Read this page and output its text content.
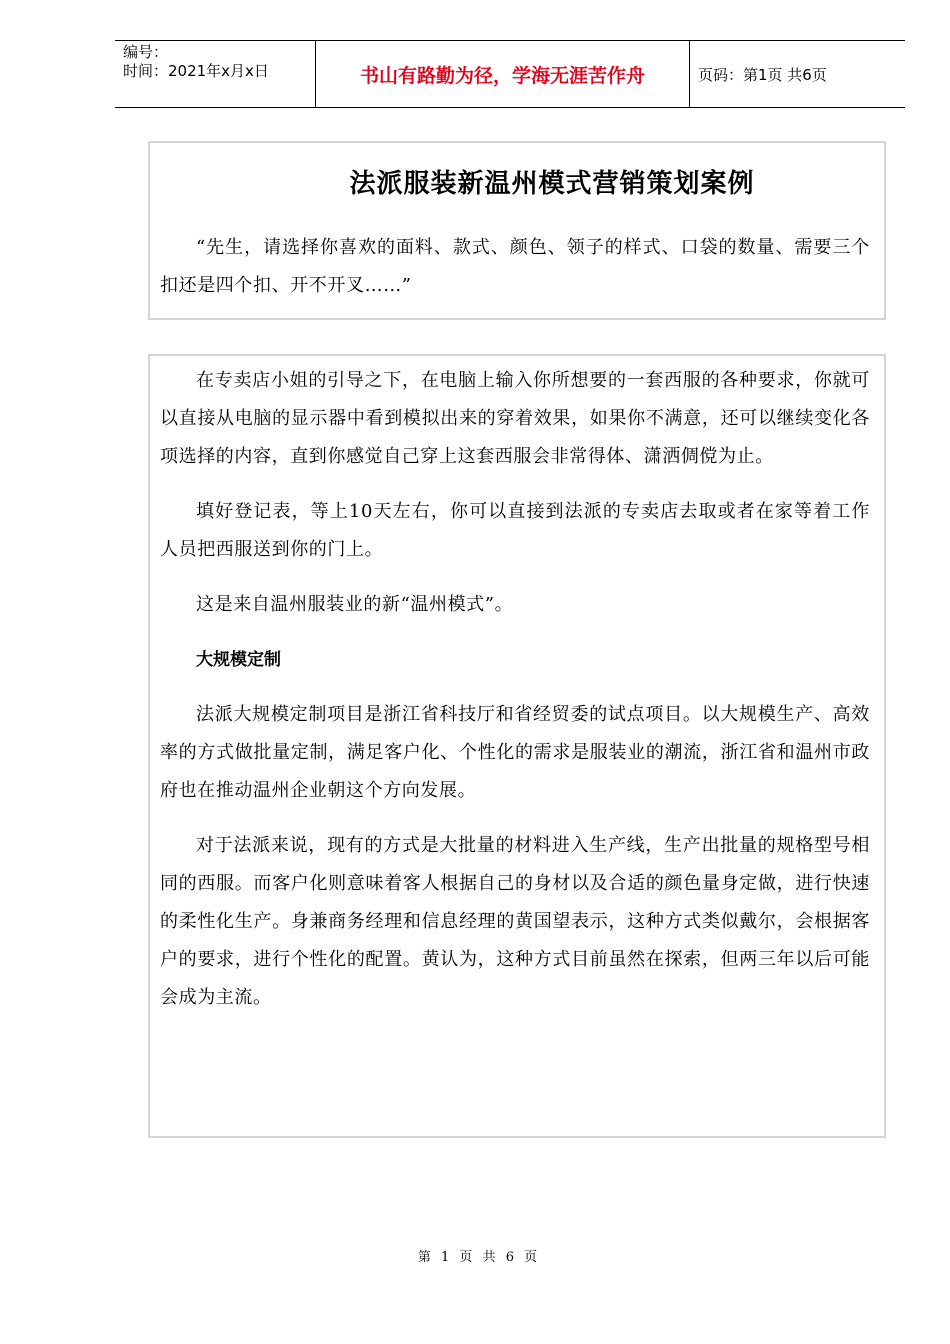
编号：
时间：2021年x月x日	书山有路勤为径，学海无涯苦作舟	页码：第1页 共6页
法派服装新温州模式营销策划案例

“先生，请选择你喜欢的面料、款式、颜色、领子的样式、口袋的数量、需要三个扣还是四个扣、开不开叉……”

在专卖店小姐的引导之下，在电脑上输入你所想要的一套西服的各种要求，你就可以直接从电脑的显示器中看到模拟出来的穿着效果，如果你不满意，还可以继续变化各项选择的内容，直到你感觉自己穿上这套西服会非常得体、潇洒倜傥为止。

填好登记表，等上10天左右，你可以直接到法派的专卖店去取或者在家等着工作人员把西服送到你的门上。

这是来自温州服装业的新“温州模式”。

大规模定制

法派大规模定制项目是浙江省科技厅和省经贸委的试点项目。以大规模生产、高效率的方式做批量定制，满足客户化、个性化的需求是服装业的潮流，浙江省和温州市政府也在推动温州企业朝这个方向发展。

对于法派来说，现有的方式是大批量的材料进入生产线，生产出批量的规格型号相同的西服。而客户化则意味着客人根据自己的身材以及合适的颜色量身定做，进行快速的柔性化生产。身兼商务经理和信息经理的黄国望表示，这种方式类似戴尔，会根据客户的要求，进行个性化的配置。黄认为，这种方式目前虽然在探索，但两三年以后可能会成为主流。

第 1 页 共 6 页
